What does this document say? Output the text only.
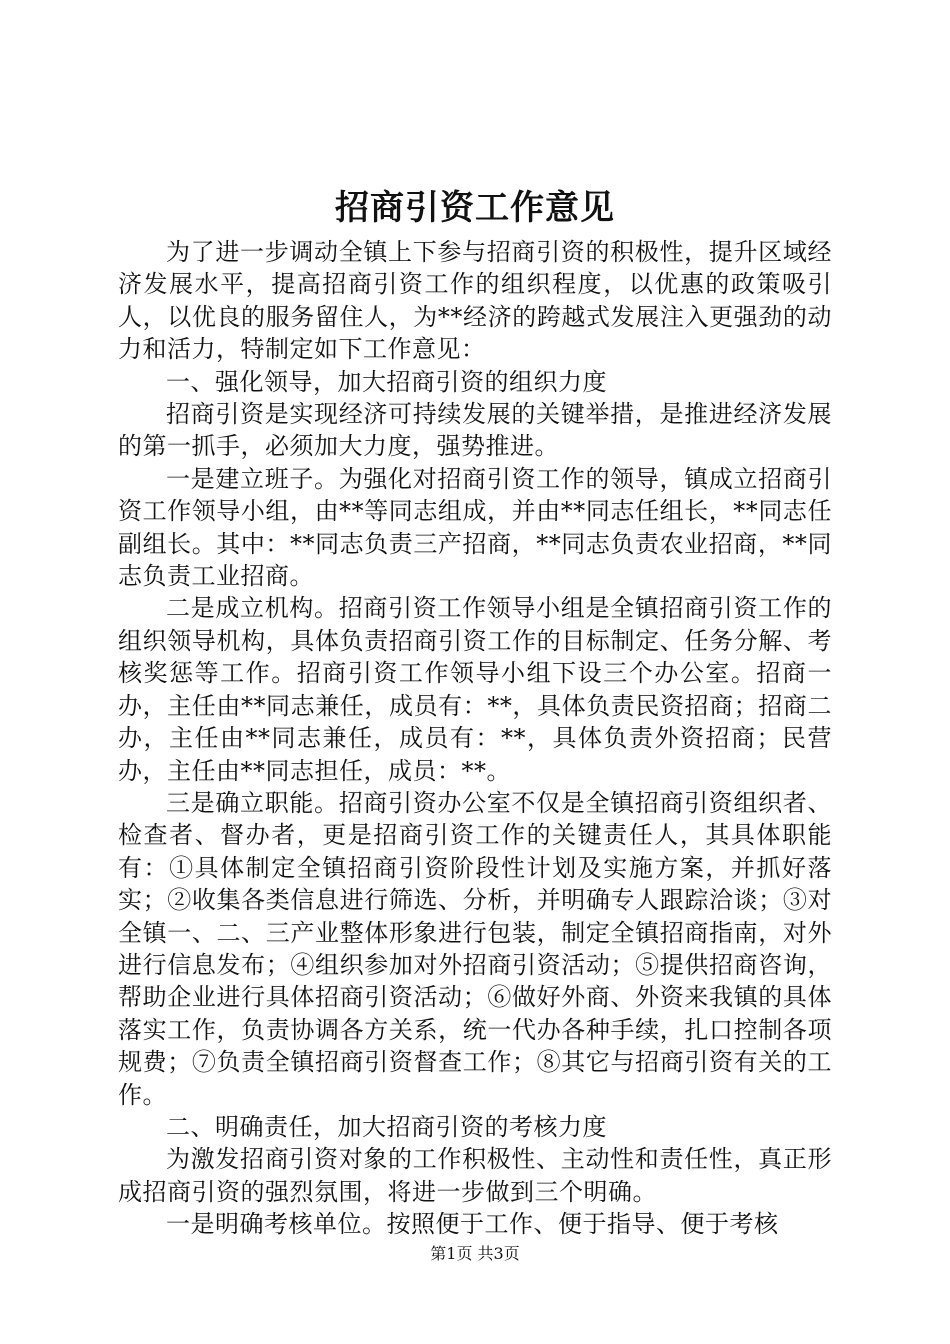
招商引资工作意见

为了进一步调动全镇上下参与招商引资的积极性，提升区域经济发展水平，提高招商引资工作的组织程度，以优惠的政策吸引人，以优良的服务留住人，为**经济的跨越式发展注入更强劲的动力和活力，特制定如下工作意见：

一、强化领导，加大招商引资的组织力度

招商引资是实现经济可持续发展的关键举措，是推进经济发展的第一抓手，必须加大力度，强势推进。

一是建立班子。为强化对招商引资工作的领导，镇成立招商引资工作领导小组，由**等同志组成，并由**同志任组长，**同志任副组长。其中：**同志负责三产招商，**同志负责农业招商，**同志负责工业招商。

二是成立机构。招商引资工作领导小组是全镇招商引资工作的组织领导机构，具体负责招商引资工作的目标制定、任务分解、考核奖惩等工作。招商引资工作领导小组下设三个办公室。招商一办，主任由**同志兼任，成员有：**，具体负责民资招商；招商二办，主任由**同志兼任，成员有：**，具体负责外资招商；民营办，主任由**同志担任，成员：**。

三是确立职能。招商引资办公室不仅是全镇招商引资组织者、检查者、督办者，更是招商引资工作的关键责任人，其具体职能有：①具体制定全镇招商引资阶段性计划及实施方案，并抓好落实；②收集各类信息进行筛选、分析，并明确专人跟踪洽谈；③对全镇一、二、三产业整体形象进行包装，制定全镇招商指南，对外进行信息发布；④组织参加对外招商引资活动；⑤提供招商咨询，帮助企业进行具体招商引资活动；⑥做好外商、外资来我镇的具体落实工作，负责协调各方关系，统一代办各种手续，扎口控制各项规费；⑦负责全镇招商引资督查工作；⑧其它与招商引资有关的工作。

二、明确责任，加大招商引资的考核力度

为激发招商引资对象的工作积极性、主动性和责任性，真正形成招商引资的强烈氛围，将进一步做到三个明确。

一是明确考核单位。按照便于工作、便于指导、便于考核

第1页 共3页
